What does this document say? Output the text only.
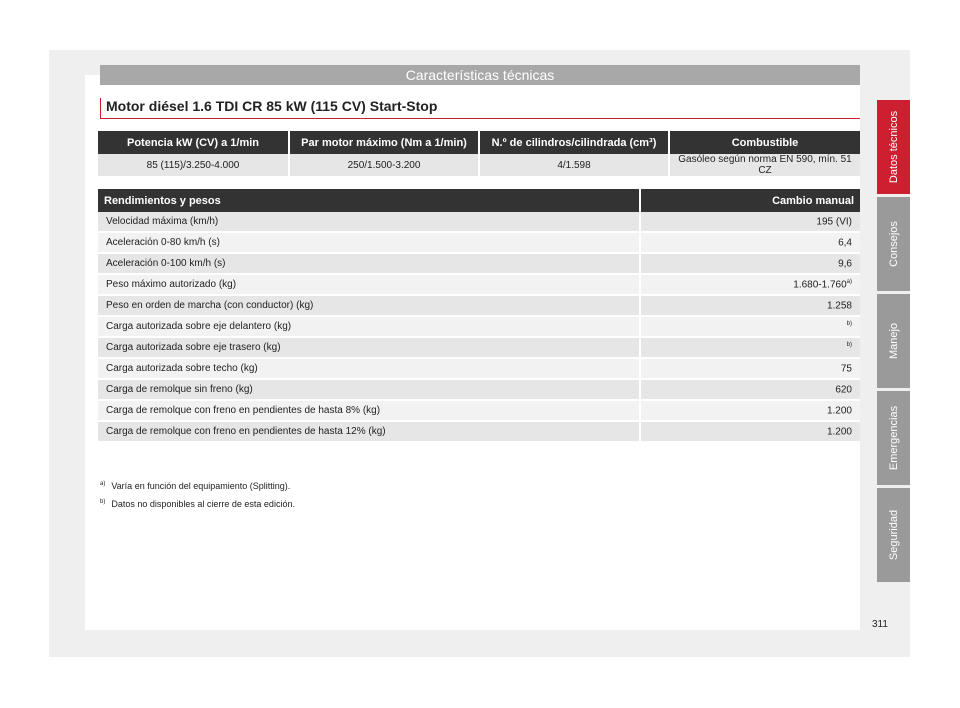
Características técnicas
Motor diésel 1.6 TDI CR 85 kW (115 CV) Start-Stop
Potencia kW (CV) a 1/min	Par motor máximo (Nm a 1/min)	N.º de cilindros/cilindrada (cm³)	Combustible
85 (115)/3.250-4.000	250/1.500-3.200	4/1.598	Gasóleo según norma EN 590, mín. 51 CZ
Rendimientos y pesos	Cambio manual
Velocidad máxima (km/h)	195 (VI)
Aceleración 0-80 km/h (s)	6,4
Aceleración 0-100 km/h (s)	9,6
Peso máximo autorizado (kg)	1.680-1.760$^{a)}$
Peso en orden de marcha (con conductor) (kg)	1.258
Carga autorizada sobre eje delantero (kg)	$^{b)}$
Carga autorizada sobre eje trasero (kg)	$^{b)}$
Carga autorizada sobre techo (kg)	75
Carga de remolque sin freno (kg)	620
Carga de remolque con freno en pendientes de hasta 8% (kg)	1.200
Carga de remolque con freno en pendientes de hasta 12% (kg)	1.200
$^{a)}$ Varía en función del equipamiento (Splitting).
$^{b)}$ Datos no disponibles al cierre de esta edición.
Datos técnicos
Consejos
Manejo
Emergencias
Seguridad
311
